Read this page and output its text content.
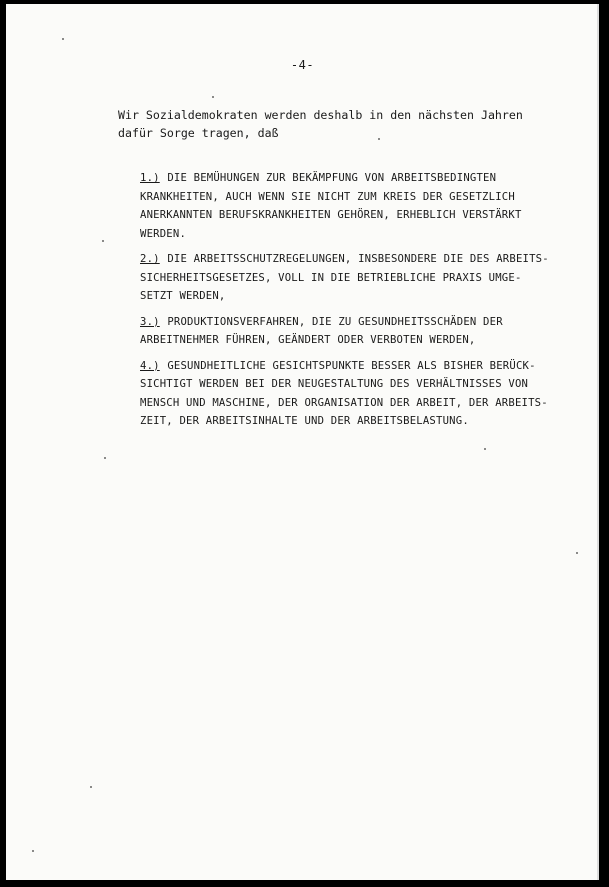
-4-
Wir Sozialdemokraten werden deshalb in den nächsten Jahren
dafür Sorge tragen, daß
1.) DIE BEMÜHUNGEN ZUR BEKÄMPFUNG VON ARBEITSBEDINGTEN
KRANKHEITEN, AUCH WENN SIE NICHT ZUM KREIS DER GESETZLICH
ANERKANNTEN BERUFSKRANKHEITEN GEHÖREN, ERHEBLICH VERSTÄRKT
WERDEN.
2.) DIE ARBEITSSCHUTZREGELUNGEN, INSBESONDERE DIE DES ARBEITS-
SICHERHEITSGESETZES, VOLL IN DIE BETRIEBLICHE PRAXIS UMGE-
SETZT WERDEN,
3.) PRODUKTIONSVERFAHREN, DIE ZU GESUNDHEITSSCHÄDEN DER
ARBEITNEHMER FÜHREN, GEÄNDERT ODER VERBOTEN WERDEN,
4.) GESUNDHEITLICHE GESICHTSPUNKTE BESSER ALS BISHER BERÜCK-
SICHTIGT WERDEN BEI DER NEUGESTALTUNG DES VERHÄLTNISSES VON
MENSCH UND MASCHINE, DER ORGANISATION DER ARBEIT, DER ARBEITS-
ZEIT, DER ARBEITSINHALTE UND DER ARBEITSBELASTUNG.
